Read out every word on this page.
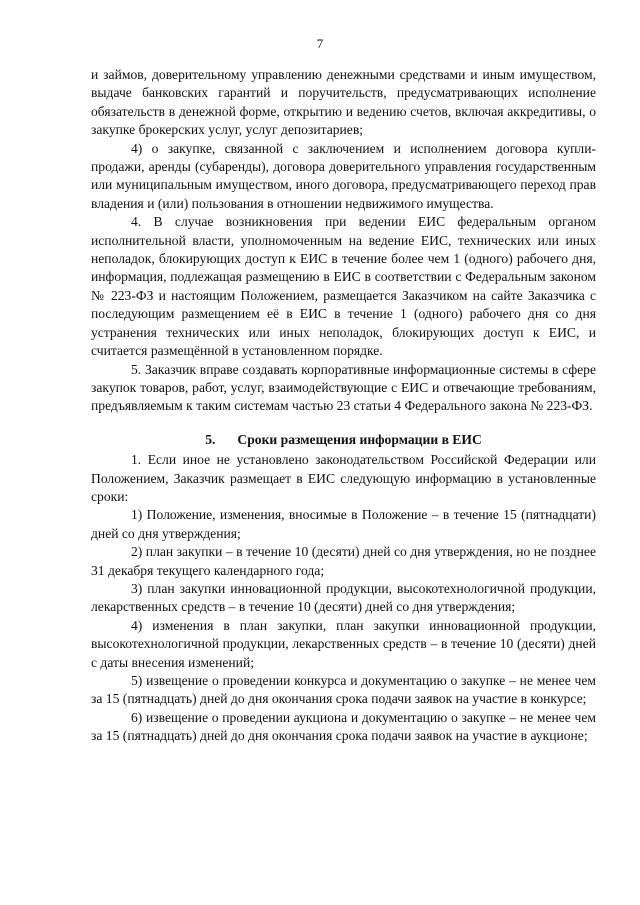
7

и займов, доверительному управлению денежными средствами и иным имуществом, выдаче банковских гарантий и поручительств, предусматривающих исполнение обязательств в денежной форме, открытию и ведению счетов, включая аккредитивы, о закупке брокерских услуг, услуг депозитариев;

4) о закупке, связанной с заключением и исполнением договора купли-продажи, аренды (субаренды), договора доверительного управления государственным или муниципальным имуществом, иного договора, предусматривающего переход прав владения и (или) пользования в отношении недвижимого имущества.

4. В случае возникновения при ведении ЕИС федеральным органом исполнительной власти, уполномоченным на ведение ЕИС, технических или иных неполадок, блокирующих доступ к ЕИС в течение более чем 1 (одного) рабочего дня, информация, подлежащая размещению в ЕИС в соответствии с Федеральным законом № 223-ФЗ и настоящим Положением, размещается Заказчиком на сайте Заказчика с последующим размещением её в ЕИС в течение 1 (одного) рабочего дня со дня устранения технических или иных неполадок, блокирующих доступ к ЕИС, и считается размещённой в установленном порядке.

5. Заказчик вправе создавать корпоративные информационные системы в сфере закупок товаров, работ, услуг, взаимодействующие с ЕИС и отвечающие требованиям, предъявляемым к таким системам частью 23 статьи 4 Федерального закона № 223-ФЗ.

5. Сроки размещения информации в ЕИС

1. Если иное не установлено законодательством Российской Федерации или Положением, Заказчик размещает в ЕИС следующую информацию в установленные сроки:

1) Положение, изменения, вносимые в Положение – в течение 15 (пятнадцати) дней со дня утверждения;

2) план закупки – в течение 10 (десяти) дней со дня утверждения, но не позднее 31 декабря текущего календарного года;

3) план закупки инновационной продукции, высокотехнологичной продукции, лекарственных средств – в течение 10 (десяти) дней со дня утверждения;

4) изменения в план закупки, план закупки инновационной продукции, высокотехнологичной продукции, лекарственных средств – в течение 10 (десяти) дней с даты внесения изменений;

5) извещение о проведении конкурса и документацию о закупке – не менее чем за 15 (пятнадцать) дней до дня окончания срока подачи заявок на участие в конкурсе;

6) извещение о проведении аукциона и документацию о закупке – не менее чем за 15 (пятнадцать) дней до дня окончания срока подачи заявок на участие в аукционе;
